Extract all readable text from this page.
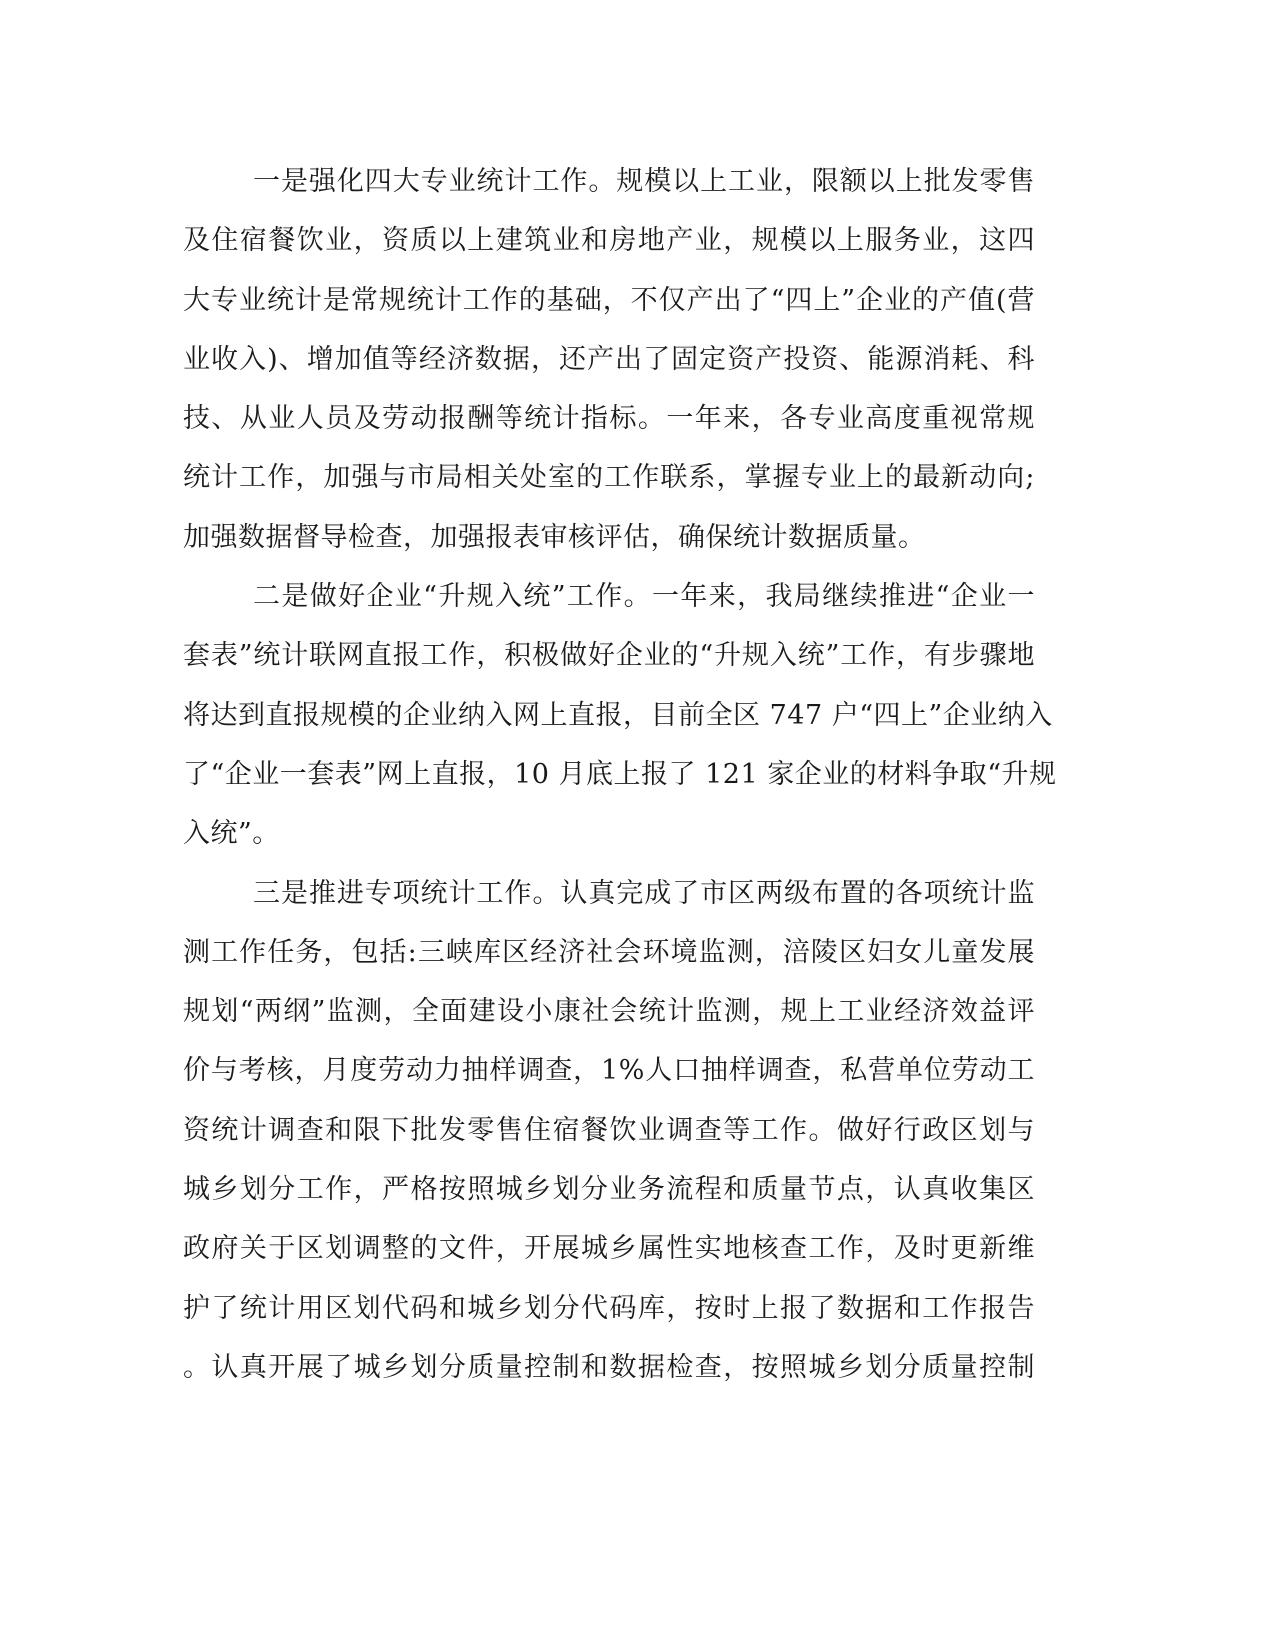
一是强化四大专业统计工作。规模以上工业，限额以上批发零售
及住宿餐饮业，资质以上建筑业和房地产业，规模以上服务业，这四
大专业统计是常规统计工作的基础，不仅产出了“四上”企业的产值(营
业收入)、增加值等经济数据，还产出了固定资产投资、能源消耗、科
技、从业人员及劳动报酬等统计指标。一年来，各专业高度重视常规
统计工作，加强与市局相关处室的工作联系，掌握专业上的最新动向;
加强数据督导检查，加强报表审核评估，确保统计数据质量。
二是做好企业“升规入统”工作。一年来，我局继续推进“企业一
套表”统计联网直报工作，积极做好企业的“升规入统”工作，有步骤地
将达到直报规模的企业纳入网上直报，目前全区 747 户“四上”企业纳入
了“企业一套表”网上直报，10 月底上报了 121 家企业的材料争取“升规
入统”。
三是推进专项统计工作。认真完成了市区两级布置的各项统计监
测工作任务，包括:三峡库区经济社会环境监测，涪陵区妇女儿童发展
规划“两纲”监测，全面建设小康社会统计监测，规上工业经济效益评
价与考核，月度劳动力抽样调查，1%人口抽样调查，私营单位劳动工
资统计调查和限下批发零售住宿餐饮业调查等工作。做好行政区划与
城乡划分工作，严格按照城乡划分业务流程和质量节点，认真收集区
政府关于区划调整的文件，开展城乡属性实地核查工作，及时更新维
护了统计用区划代码和城乡划分代码库，按时上报了数据和工作报告
。认真开展了城乡划分质量控制和数据检查，按照城乡划分质量控制
